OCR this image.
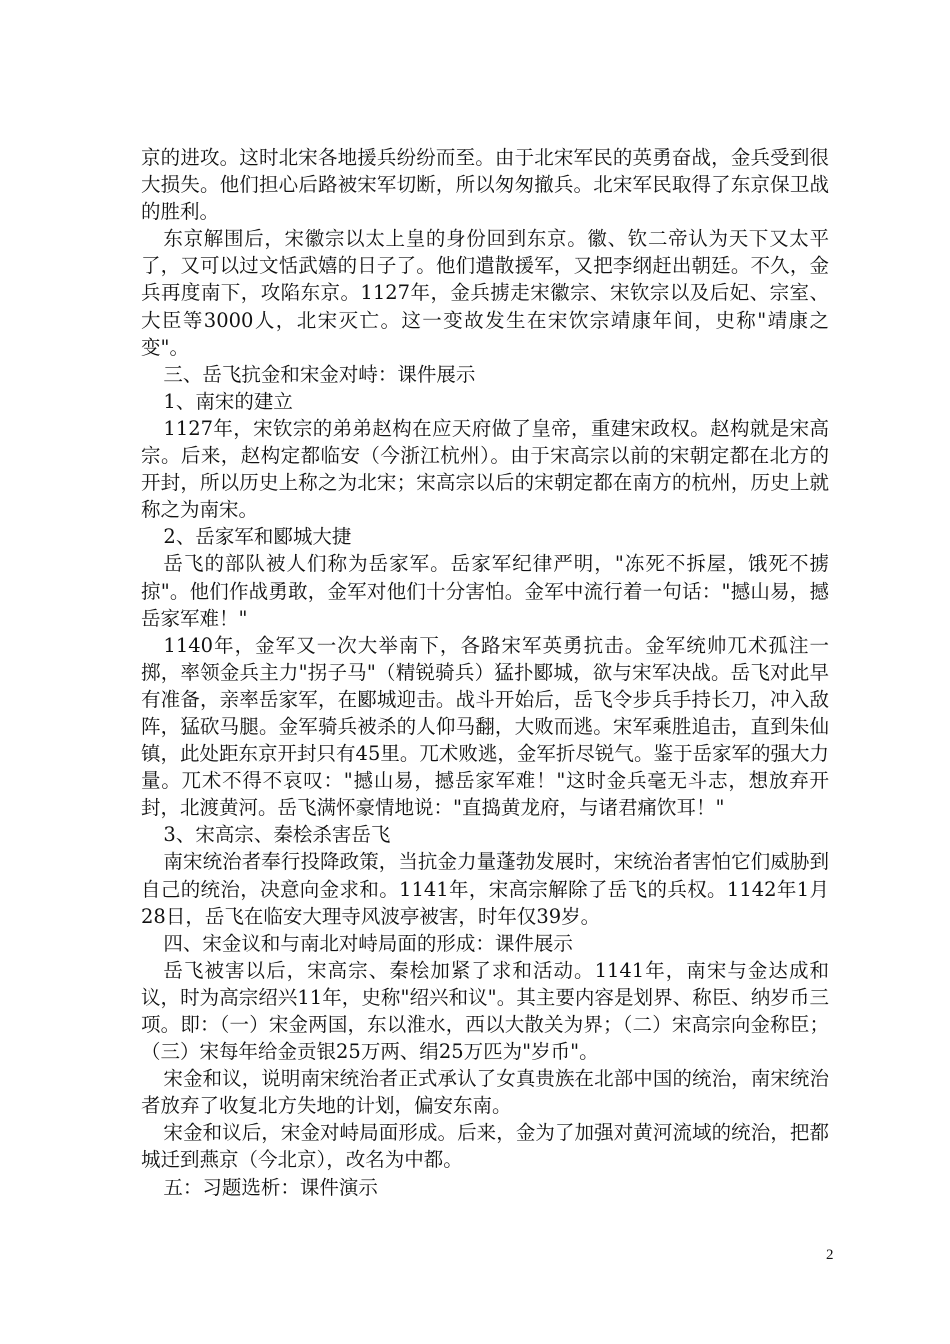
京的进攻。这时北宋各地援兵纷纷而至。由于北宋军民的英勇奋战，金兵受到很大损失。他们担心后路被宋军切断，所以匆匆撤兵。北宋军民取得了东京保卫战的胜利。

东京解围后，宋徽宗以太上皇的身份回到东京。徽、钦二帝认为天下又太平了，又可以过文恬武嬉的日子了。他们遣散援军，又把李纲赶出朝廷。不久，金兵再度南下，攻陷东京。1127年，金兵掳走宋徽宗、宋钦宗以及后妃、宗室、大臣等3000人，北宋灭亡。这一变故发生在宋饮宗靖康年间，史称"靖康之变"。

三、岳飞抗金和宋金对峙：课件展示

1、南宋的建立

1127年，宋钦宗的弟弟赵构在应天府做了皇帝，重建宋政权。赵构就是宋高宗。后来，赵构定都临安（今浙江杭州）。由于宋高宗以前的宋朝定都在北方的开封，所以历史上称之为北宋；宋高宗以后的宋朝定都在南方的杭州，历史上就称之为南宋。

2、岳家军和郾城大捷

岳飞的部队被人们称为岳家军。岳家军纪律严明，"冻死不拆屋，饿死不掳掠"。他们作战勇敢，金军对他们十分害怕。金军中流行着一句话："撼山易，撼岳家军难！"

1140年，金军又一次大举南下，各路宋军英勇抗击。金军统帅兀术孤注一掷，率领金兵主力"拐子马"（精锐骑兵）猛扑郾城，欲与宋军决战。岳飞对此早有准备，亲率岳家军，在郾城迎击。战斗开始后，岳飞令步兵手持长刀，冲入敌阵，猛砍马腿。金军骑兵被杀的人仰马翻，大败而逃。宋军乘胜追击，直到朱仙镇，此处距东京开封只有45里。兀术败逃，金军折尽锐气。鉴于岳家军的强大力量。兀术不得不哀叹："撼山易，撼岳家军难！"这时金兵毫无斗志，想放弃开封，北渡黄河。岳飞满怀豪情地说："直捣黄龙府，与诸君痛饮耳！"

3、宋高宗、秦桧杀害岳飞

南宋统治者奉行投降政策，当抗金力量蓬勃发展时，宋统治者害怕它们威胁到自己的统治，决意向金求和。1141年，宋高宗解除了岳飞的兵权。1142年1月28日，岳飞在临安大理寺风波亭被害，时年仅39岁。

四、宋金议和与南北对峙局面的形成：课件展示

岳飞被害以后，宋高宗、秦桧加紧了求和活动。1141年，南宋与金达成和议，时为高宗绍兴11年，史称"绍兴和议"。其主要内容是划界、称臣、纳岁币三项。即：（一）宋金两国，东以淮水，西以大散关为界；（二）宋高宗向金称臣；（三）宋每年给金贡银25万两、绢25万匹为"岁币"。

宋金和议，说明南宋统治者正式承认了女真贵族在北部中国的统治，南宋统治者放弃了收复北方失地的计划，偏安东南。

宋金和议后，宋金对峙局面形成。后来，金为了加强对黄河流域的统治，把都城迁到燕京（今北京），改名为中都。

五：习题选析：课件演示

2
